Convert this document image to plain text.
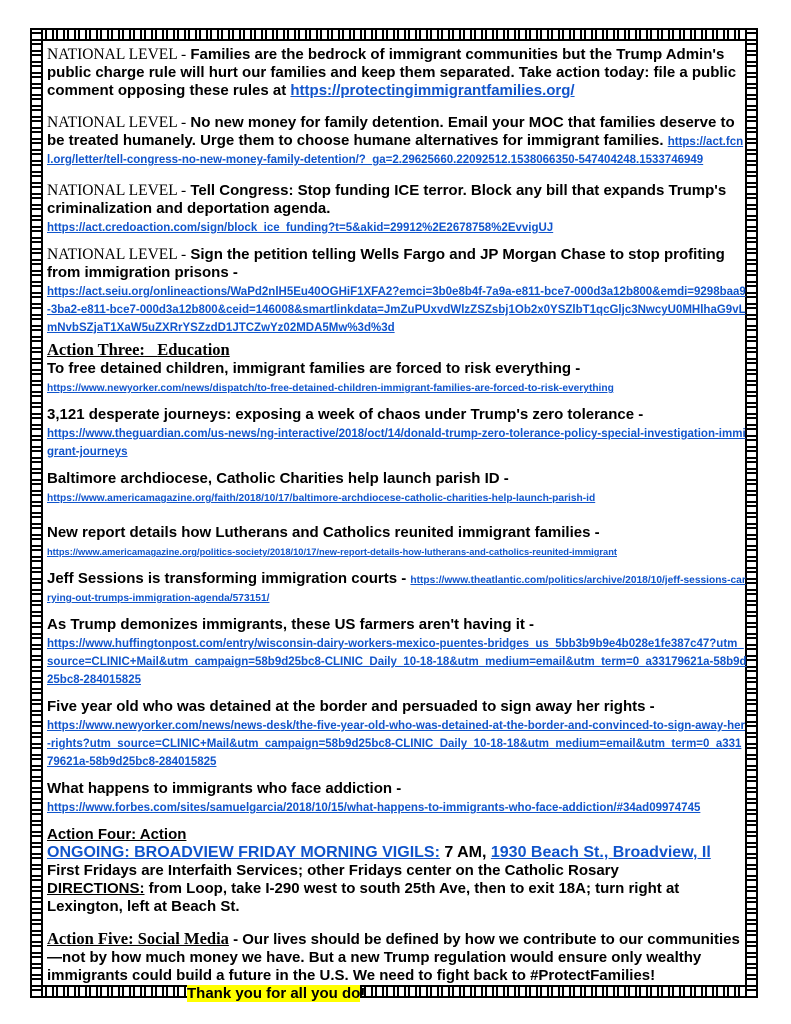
NATIONAL LEVEL - Families are the bedrock of immigrant communities but the Trump Admin's public charge rule will hurt our families and keep them separated. Take action today: file a public comment opposing these rules at https://protectingimmigrantfamilies.org/

NATIONAL LEVEL - No new money for family detention. Email your MOC that families deserve to be treated humanely. Urge them to choose humane alternatives for immigrant families. https://act.fcnl.org/letter/tell-congress-no-new-money-family-detention/?_ga=2.29625660.22092512.1538066350-547404248.1533746949

NATIONAL LEVEL - Tell Congress: Stop funding ICE terror. Block any bill that expands Trump's criminalization and deportation agenda.
https://act.credoaction.com/sign/block_ice_funding?t=5&akid=29912%2E2678758%2EvvigUJ

NATIONAL LEVEL - Sign the petition telling Wells Fargo and JP Morgan Chase to stop profiting from immigration prisons -
https://act.seiu.org/onlineactions/WaPd2nlH5Eu40OGHiF1XFA2?emci=3b0e8b4f-7a9a-e811-bce7-000d3a12b800&emdi=9298baa9-3ba2-e811-bce7-000d3a12b800&ceid=146008&smartlinkdata=JmZuPUxvdWlzZSZsbj1Ob2x0YSZlbT1qcGljc3NwcyU0MHlhaG9vLmNvbSZjaT1XaW5uZXRrYSZzdD1JTCZwYz02MDA5Mw%3d%3d

Action Three: Education

To free detained children, immigrant families are forced to risk everything -
https://www.newyorker.com/news/dispatch/to-free-detained-children-immigrant-families-are-forced-to-risk-everything

3,121 desperate journeys: exposing a week of chaos under Trump's zero tolerance -
https://www.theguardian.com/us-news/ng-interactive/2018/oct/14/donald-trump-zero-tolerance-policy-special-investigation-immigrant-journeys

Baltimore archdiocese, Catholic Charities help launch parish ID -
https://www.americamagazine.org/faith/2018/10/17/baltimore-archdiocese-catholic-charities-help-launch-parish-id

New report details how Lutherans and Catholics reunited immigrant families -
https://www.americamagazine.org/politics-society/2018/10/17/new-report-details-how-lutherans-and-catholics-reunited-immigrant

Jeff Sessions is transforming immigration courts - https://www.theatlantic.com/politics/archive/2018/10/jeff-sessions-carrying-out-trumps-immigration-agenda/573151/

As Trump demonizes immigrants, these US farmers aren't having it -
https://www.huffingtonpost.com/entry/wisconsin-dairy-workers-mexico-puentes-bridges_us_5bb3b9b9e4b028e1fe387c47?utm_source=CLINIC+Mail&utm_campaign=58b9d25bc8-CLINIC_Daily_10-18-18&utm_medium=email&utm_term=0_a33179621a-58b9d25bc8-284015825

Five year old who was detained at the border and persuaded to sign away her rights -
https://www.newyorker.com/news/news-desk/the-five-year-old-who-was-detained-at-the-border-and-convinced-to-sign-away-her-rights?utm_source=CLINIC+Mail&utm_campaign=58b9d25bc8-CLINIC_Daily_10-18-18&utm_medium=email&utm_term=0_a33179621a-58b9d25bc8-284015825

What happens to immigrants who face addiction -
https://www.forbes.com/sites/samuelgarcia/2018/10/15/what-happens-to-immigrants-who-face-addiction/#34ad09974745

Action Four: Action
ONGOING: BROADVIEW FRIDAY MORNING VIGILS: 7 AM, 1930 Beach St., Broadview, Il
First Fridays are Interfaith Services; other Fridays center on the Catholic Rosary
DIRECTIONS: from Loop, take I-290 west to south 25th Ave, then to exit 18A; turn right at Lexington, left at Beach St.

Action Five: Social Media - Our lives should be defined by how we contribute to our communities—not by how much money we have. But a new Trump regulation would ensure only wealthy immigrants could build a future in the U.S. We need to fight back to #ProtectFamilies! Thank you for all you do!
